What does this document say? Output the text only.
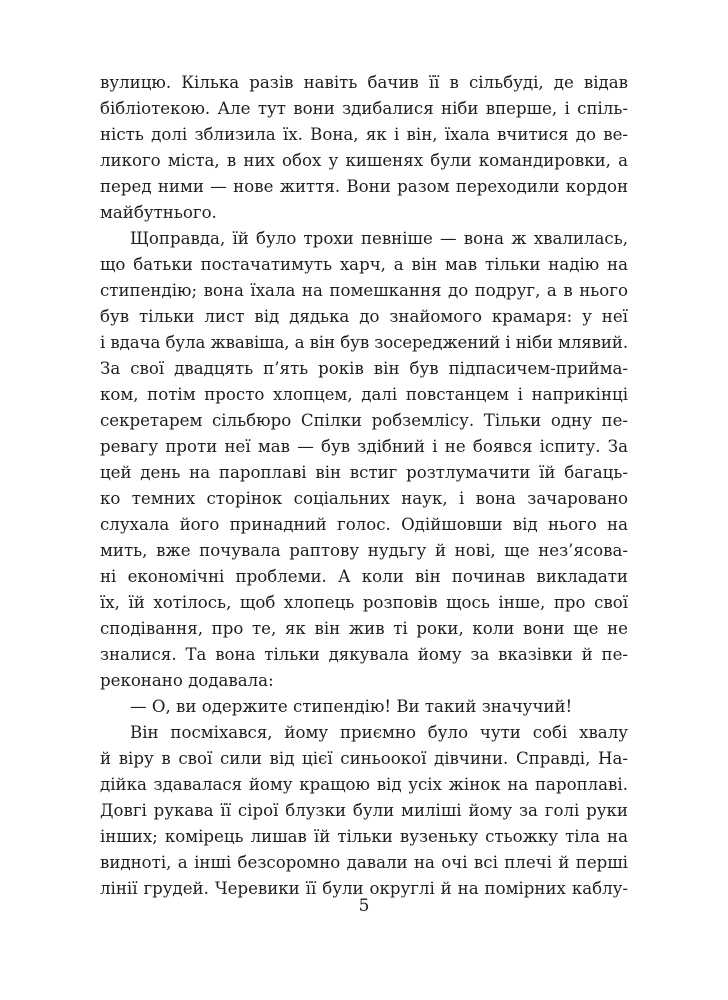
вулицю. Кілька разів навіть бачив її в сільбуді, де відав
бібліотекою. Але тут вони здибалися ніби вперше, і спіль-
ність долі зблизила їх. Вона, як і він, їхала вчитися до ве-
ликого міста, в них обох у кишенях були командировки, а
перед ними — нове життя. Вони разом переходили кордон
майбутнього.
Щоправда, їй було трохи певніше — вона ж хвалилась,
що батьки постачатимуть харч, а він мав тільки надію на
стипендію; вона їхала на помешкання до подруг, а в нього
був тільки лист від дядька до знайомого крамаря: у неї
і вдача була жвавіша, а він був зосереджений і ніби млявий.
За свої двадцять п’ять років він був підпасичем-прийма-
ком, потім просто хлопцем, далі повстанцем і наприкінці
секретарем сільбюро Спілки робземлісу. Тільки одну пе-
ревагу проти неї мав — був здібний і не боявся іспиту. За
цей день на пароплаві він встиг розтлумачити їй багаць-
ко темних сторінок соціальних наук, і вона зачаровано
слухала його принадний голос. Одійшовши від нього на
мить, вже почувала раптову нудьгу й нові, ще нез’ясова-
ні економічні проблеми. А коли він починав викладати
їх, їй хотілось, щоб хлопець розповів щось інше, про свої
сподівання, про те, як він жив ті роки, коли вони ще не
зналися. Та вона тільки дякувала йому за вказівки й пе-
реконано додавала:
— О, ви одержите стипендію! Ви такий значучий!
Він посміхався, йому приємно було чути собі хвалу
й віру в свої сили від цієї синьоокої дівчини. Справді, На-
дійка здавалася йому кращою від усіх жінок на пароплаві.
Довгі рукава її сірої блузки були миліші йому за голі руки
інших; комірець лишав їй тільки вузеньку стьожку тіла на
видноті, а інші безсоромно давали на очі всі плечі й перші
лінії грудей. Черевики її були округлі й на помірних каблу-
5
